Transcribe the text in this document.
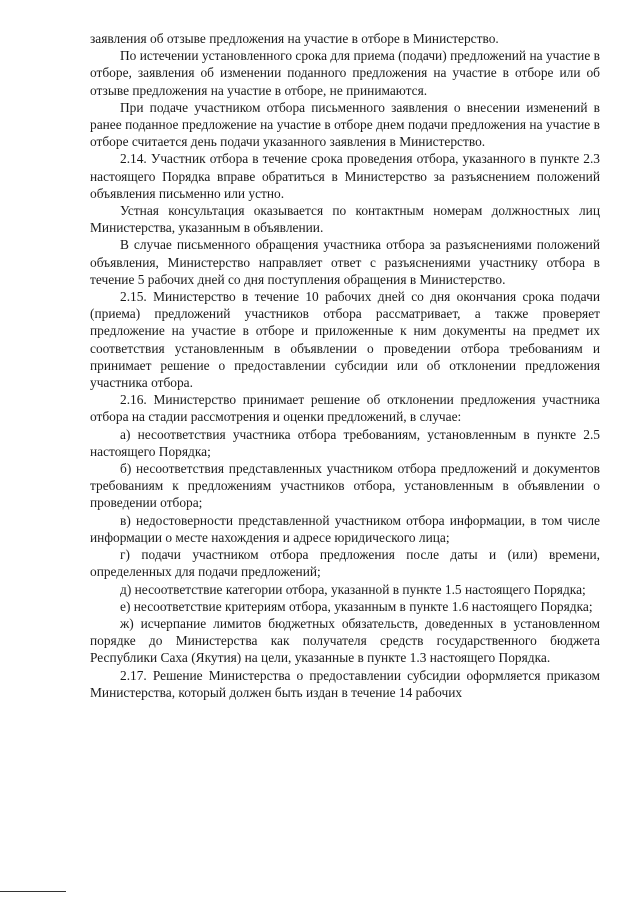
заявления об отзыве предложения на участие в отборе в Министерство.

По истечении установленного срока для приема (подачи) предложений на участие в отборе, заявления об изменении поданного предложения на участие в отборе или об отзыве предложения на участие в отборе, не принимаются.

При подаче участником отбора письменного заявления о внесении изменений в ранее поданное предложение на участие в отборе днем подачи предложения на участие в отборе считается день подачи указанного заявления в Министерство.

2.14. Участник отбора в течение срока проведения отбора, указанного в пункте 2.3 настоящего Порядка вправе обратиться в Министерство за разъяснением положений объявления письменно или устно.

Устная консультация оказывается по контактным номерам должностных лиц Министерства, указанным в объявлении.

В случае письменного обращения участника отбора за разъяснениями положений объявления, Министерство направляет ответ с разъяснениями участнику отбора в течение 5 рабочих дней со дня поступления обращения в Министерство.

2.15. Министерство в течение 10 рабочих дней со дня окончания срока подачи (приема) предложений участников отбора рассматривает, а также проверяет предложение на участие в отборе и приложенные к ним документы на предмет их соответствия установленным в объявлении о проведении отбора требованиям и принимает решение о предоставлении субсидии или об отклонении предложения участника отбора.

2.16. Министерство принимает решение об отклонении предложения участника отбора на стадии рассмотрения и оценки предложений, в случае:

а) несоответствия участника отбора требованиям, установленным в пункте 2.5 настоящего Порядка;

б) несоответствия представленных участником отбора предложений и документов требованиям к предложениям участников отбора, установленным в объявлении о проведении отбора;

в) недостоверности представленной участником отбора информации, в том числе информации о месте нахождения и адресе юридического лица;

г) подачи участником отбора предложения после даты и (или) времени, определенных для подачи предложений;

д) несоответствие категории отбора, указанной в пункте 1.5 настоящего Порядка;

е) несоответствие критериям отбора, указанным в пункте 1.6 настоящего Порядка;

ж) исчерпание лимитов бюджетных обязательств, доведенных в установленном порядке до Министерства как получателя средств государственного бюджета Республики Саха (Якутия) на цели, указанные в пункте 1.3 настоящего Порядка.

2.17. Решение Министерства о предоставлении субсидии оформляется приказом Министерства, который должен быть издан в течение 14 рабочих
